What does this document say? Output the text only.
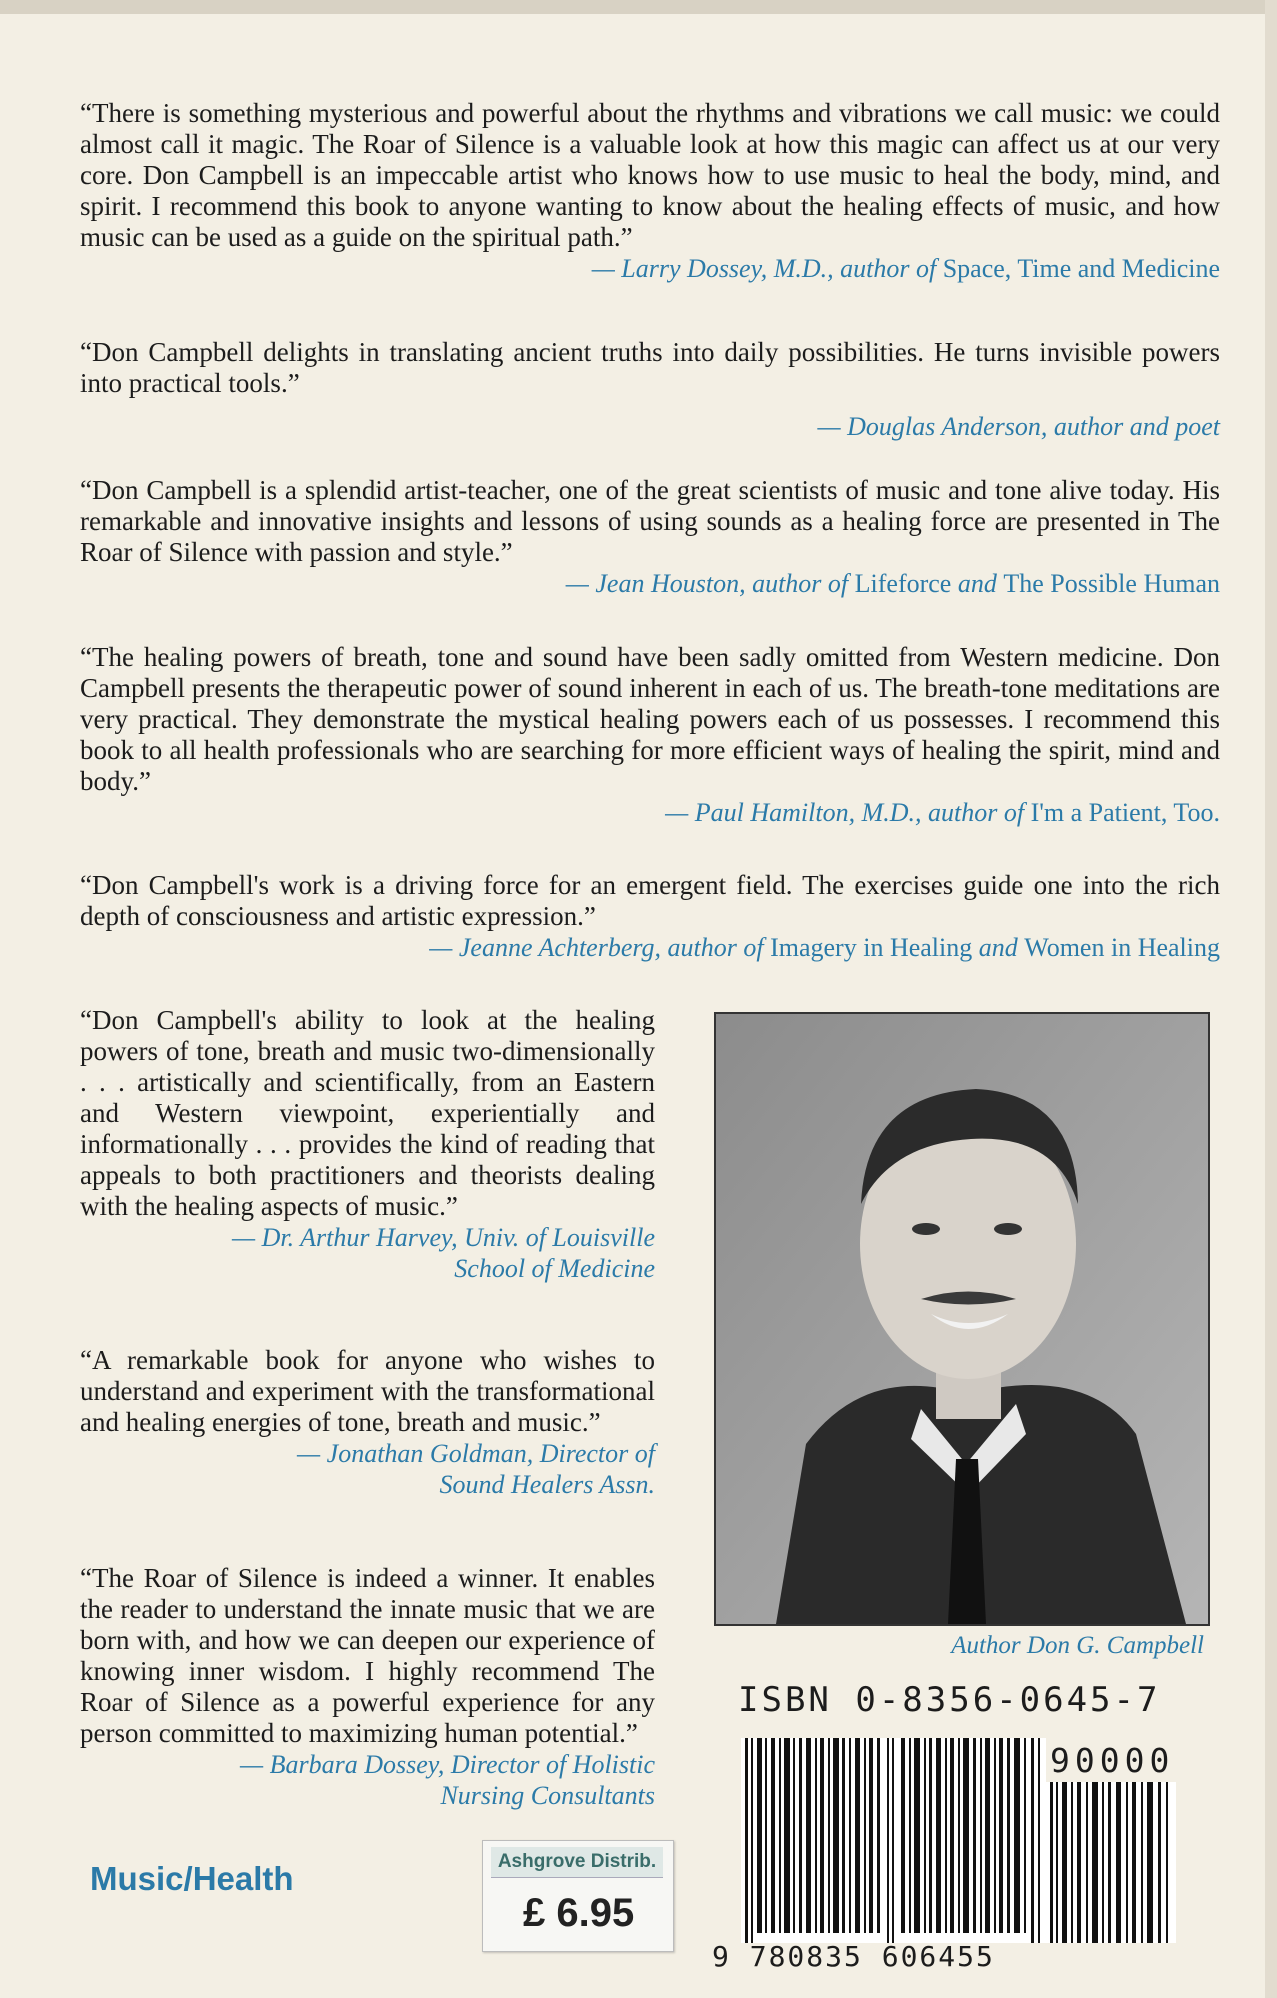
“There is something mysterious and powerful about the rhythms and vibrations we call music: we could almost call it magic. The Roar of Silence is a valuable look at how this magic can affect us at our very core. Don Campbell is an impeccable artist who knows how to use music to heal the body, mind, and spirit. I recommend this book to anyone wanting to know about the healing effects of music, and how music can be used as a guide on the spiritual path.”
— Larry Dossey, M.D., author of Space, Time and Medicine
“Don Campbell delights in translating ancient truths into daily possibilities. He turns invisible powers into practical tools.”
— Douglas Anderson, author and poet
“Don Campbell is a splendid artist-teacher, one of the great scientists of music and tone alive today. His remarkable and innovative insights and lessons of using sounds as a healing force are presented in The Roar of Silence with passion and style.”
— Jean Houston, author of Lifeforce and The Possible Human
“The healing powers of breath, tone and sound have been sadly omitted from Western medicine. Don Campbell presents the therapeutic power of sound inherent in each of us. The breath-tone meditations are very practical. They demonstrate the mystical healing powers each of us possesses. I recommend this book to all health professionals who are searching for more efficient ways of healing the spirit, mind and body.”
— Paul Hamilton, M.D., author of I'm a Patient, Too.
“Don Campbell's work is a driving force for an emergent field. The exercises guide one into the rich depth of consciousness and artistic expression.”
— Jeanne Achterberg, author of Imagery in Healing and Women in Healing
“Don Campbell's ability to look at the healing powers of tone, breath and music two-dimensionally . . . artistically and scientifically, from an Eastern and Western viewpoint, experientially and informationally . . . provides the kind of reading that appeals to both practitioners and theorists dealing with the healing aspects of music.”
— Dr. Arthur Harvey, Univ. of Louisville
School of Medicine
“A remarkable book for anyone who wishes to understand and experiment with the transformational and healing energies of tone, breath and music.”
— Jonathan Goldman, Director of
Sound Healers Assn.
“The Roar of Silence is indeed a winner. It enables the reader to understand the innate music that we are born with, and how we can deepen our experience of knowing inner wisdom. I highly recommend The Roar of Silence as a powerful experience for any person committed to maximizing human potential.”
— Barbara Dossey, Director of Holistic
Nursing Consultants
Author Don G. Campbell
ISBN 0-8356-0645-7
90000
9 780835 606455
Music/Health	Ashgrove Distrib.
£ 6.95
